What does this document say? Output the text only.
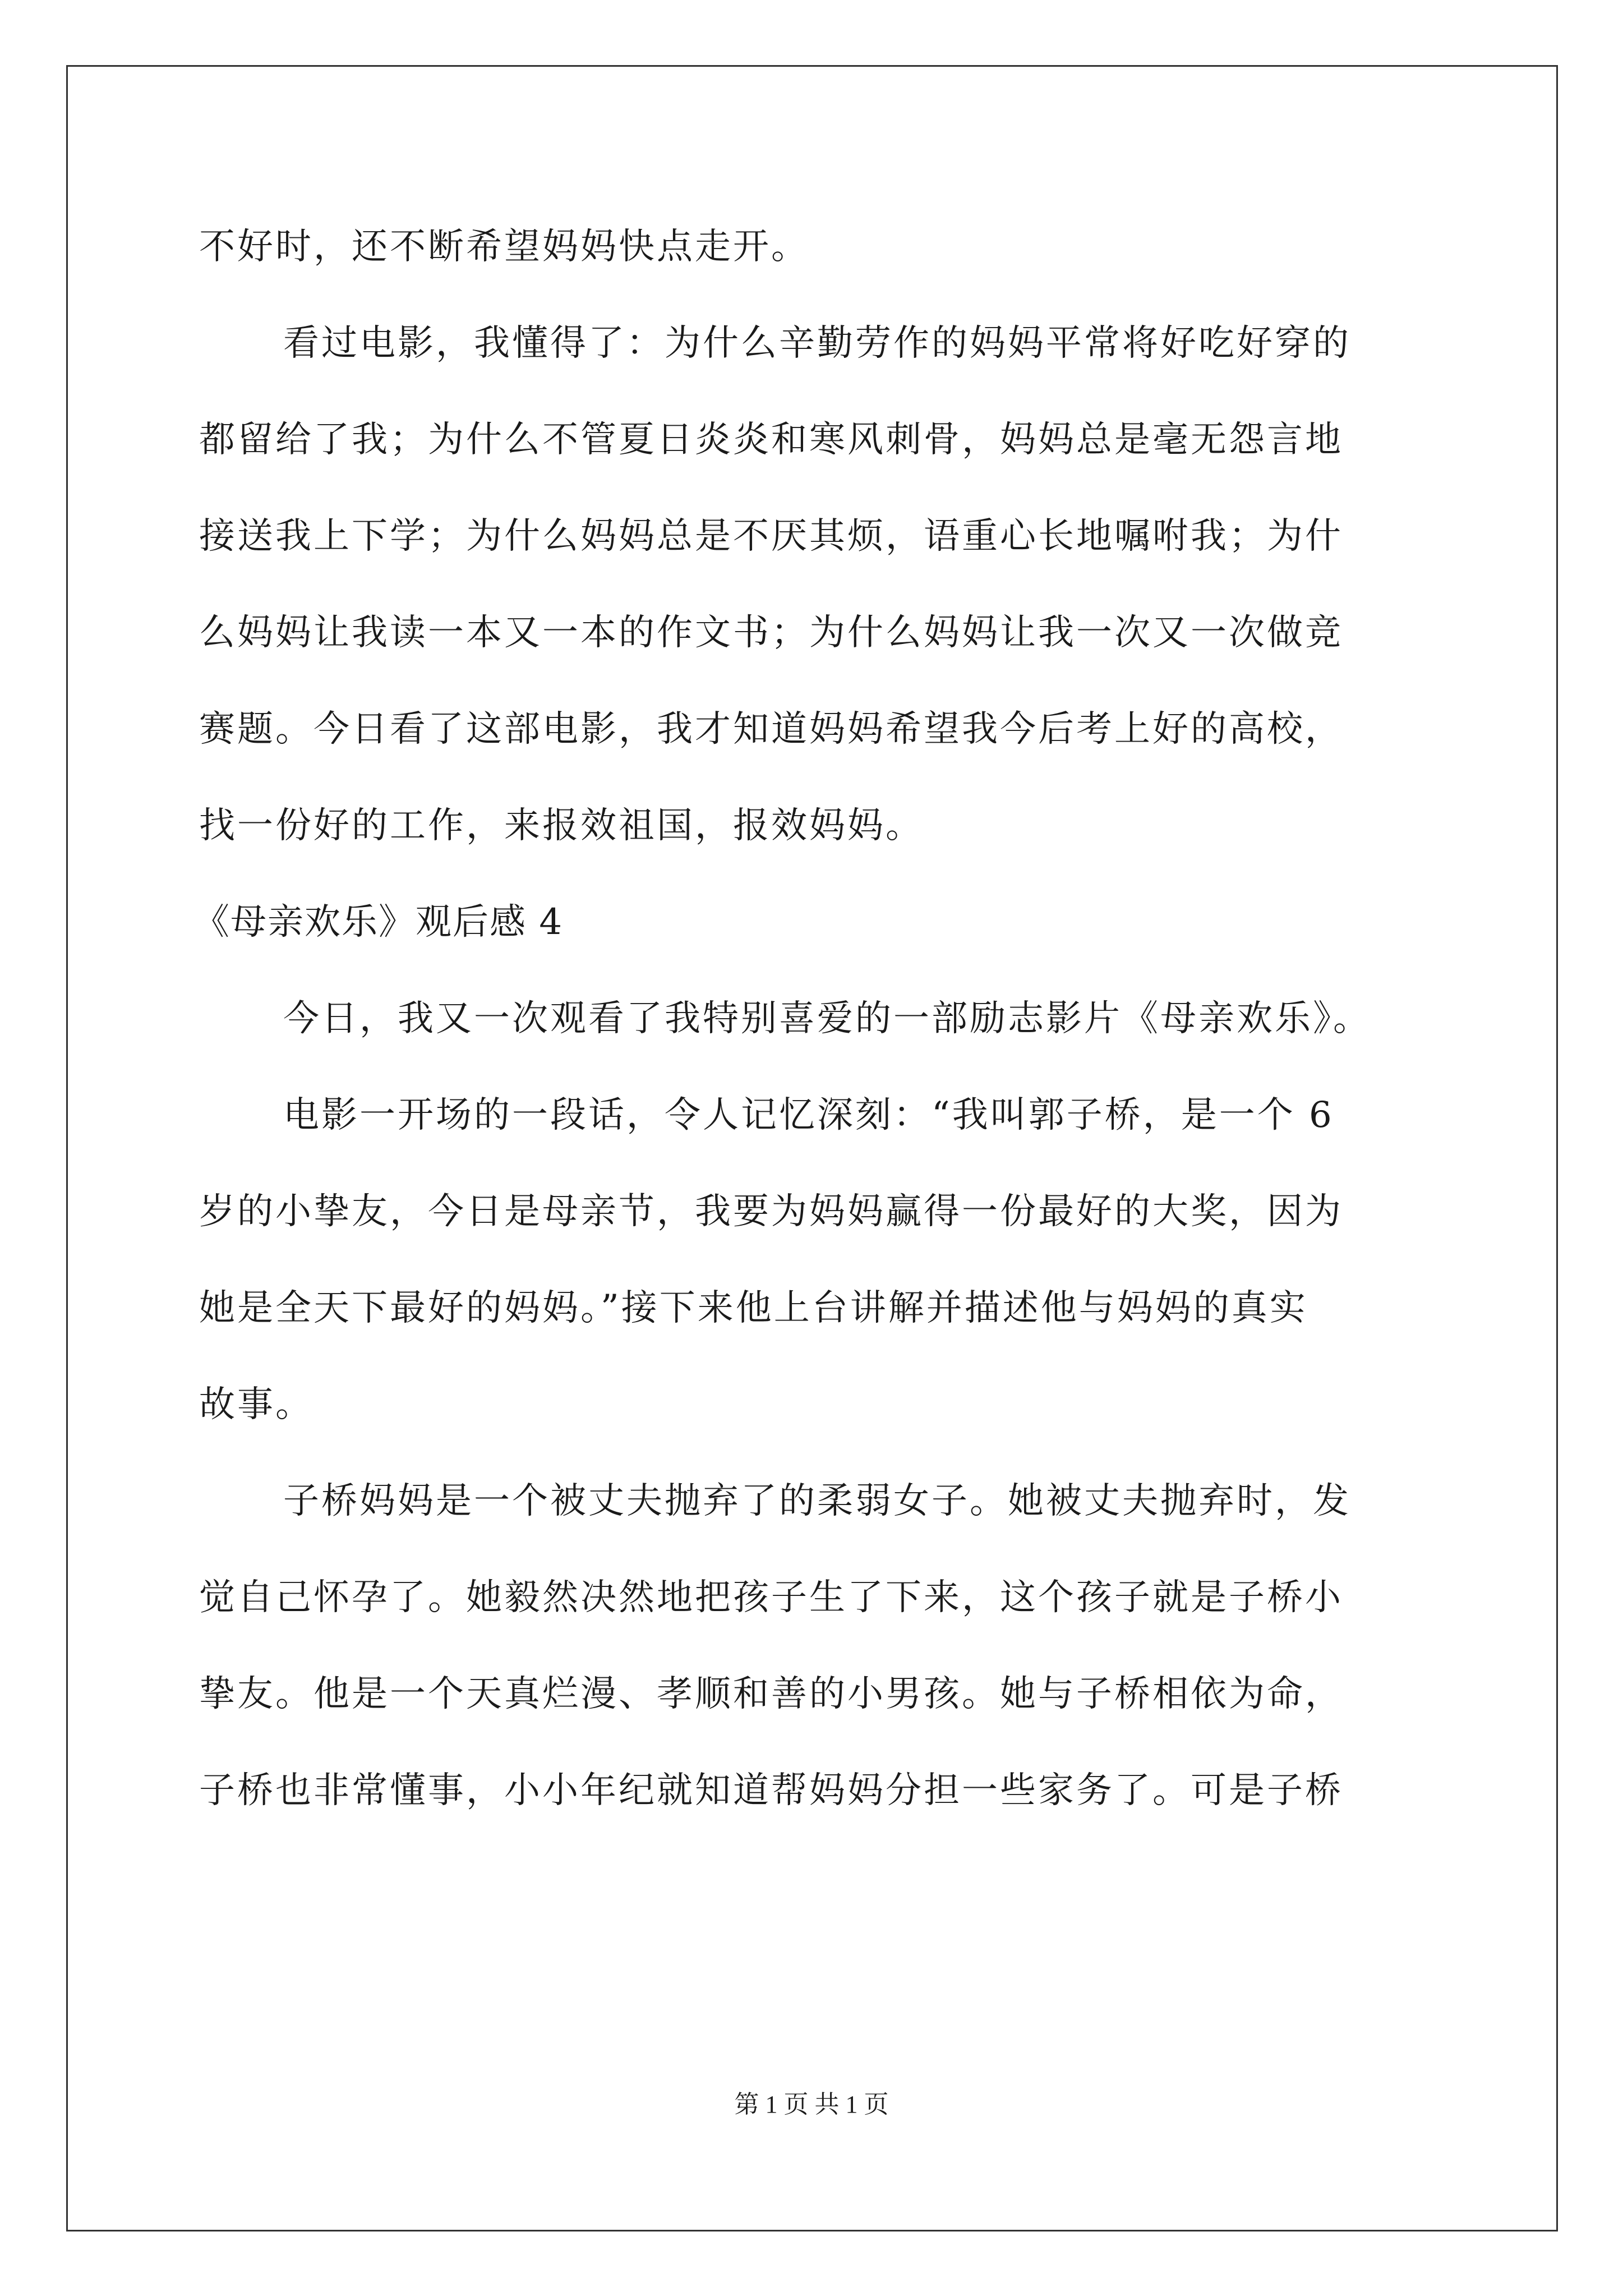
不好时，还不断希望妈妈快点走开。
看过电影，我懂得了：为什么辛勤劳作的妈妈平常将好吃好穿的
都留给了我；为什么不管夏日炎炎和寒风刺骨，妈妈总是毫无怨言地
接送我上下学；为什么妈妈总是不厌其烦，语重心长地嘱咐我；为什
么妈妈让我读一本又一本的作文书；为什么妈妈让我一次又一次做竞
赛题。今日看了这部电影，我才知道妈妈希望我今后考上好的高校，
找一份好的工作，来报效祖国，报效妈妈。
《母亲欢乐》观后感 4
今日，我又一次观看了我特别喜爱的一部励志影片《母亲欢乐》。
电影一开场的一段话，令人记忆深刻：“我叫郭子桥，是一个 6
岁的小挚友，今日是母亲节，我要为妈妈赢得一份最好的大奖，因为
她是全天下最好的妈妈。”接下来他上台讲解并描述他与妈妈的真实
故事。
子桥妈妈是一个被丈夫抛弃了的柔弱女子。她被丈夫抛弃时，发
觉自己怀孕了。她毅然决然地把孩子生了下来，这个孩子就是子桥小
挚友。他是一个天真烂漫、孝顺和善的小男孩。她与子桥相依为命，
子桥也非常懂事，小小年纪就知道帮妈妈分担一些家务了。可是子桥
第 1 页 共 1 页
